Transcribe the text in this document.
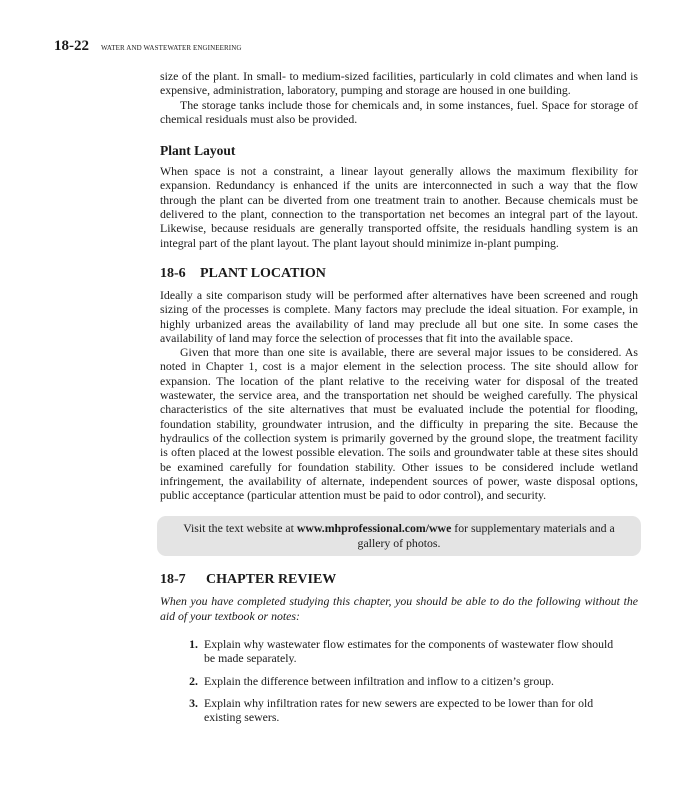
18-22 WATER AND WASTEWATER ENGINEERING

size of the plant. In small- to medium-sized facilities, particularly in cold climates and when land is expensive, administration, laboratory, pumping and storage are housed in one building.

The storage tanks include those for chemicals and, in some instances, fuel. Space for storage of chemical residuals must also be provided.

Plant Layout

When space is not a constraint, a linear layout generally allows the maximum flexibility for expansion. Redundancy is enhanced if the units are interconnected in such a way that the flow through the plant can be diverted from one treatment train to another. Because chemicals must be delivered to the plant, connection to the transportation net becomes an integral part of the layout. Likewise, because residuals are generally transported offsite, the residuals handling system is an integral part of the plant layout. The plant layout should minimize in-plant pumping.

18-6 PLANT LOCATION

Ideally a site comparison study will be performed after alternatives have been screened and rough sizing of the processes is complete. Many factors may preclude the ideal situation. For example, in highly urbanized areas the availability of land may preclude all but one site. In some cases the availability of land may force the selection of processes that fit into the available space.

Given that more than one site is available, there are several major issues to be considered. As noted in Chapter 1, cost is a major element in the selection process. The site should allow for expansion. The location of the plant relative to the receiving water for disposal of the treated wastewater, the service area, and the transportation net should be weighed carefully. The physical characteristics of the site alternatives that must be evaluated include the potential for flooding, foundation stability, groundwater intrusion, and the difficulty in preparing the site. Because the hydraulics of the collection system is primarily governed by the ground slope, the treatment facility is often placed at the lowest possible elevation. The soils and groundwater table at these sites should be examined carefully for foundation stability. Other issues to be considered include wetland infringement, the availability of alternate, independent sources of power, waste disposal options, public acceptance (particular attention must be paid to odor control), and security.

Visit the text website at www.mhprofessional.com/wwe for supplementary materials and a gallery of photos.
18-7 CHAPTER REVIEW

When you have completed studying this chapter, you should be able to do the following without the aid of your textbook or notes:

1. Explain why wastewater flow estimates for the components of wastewater flow should be made separately.
2. Explain the difference between infiltration and inflow to a citizen’s group.
3. Explain why infiltration rates for new sewers are expected to be lower than for old existing sewers.
